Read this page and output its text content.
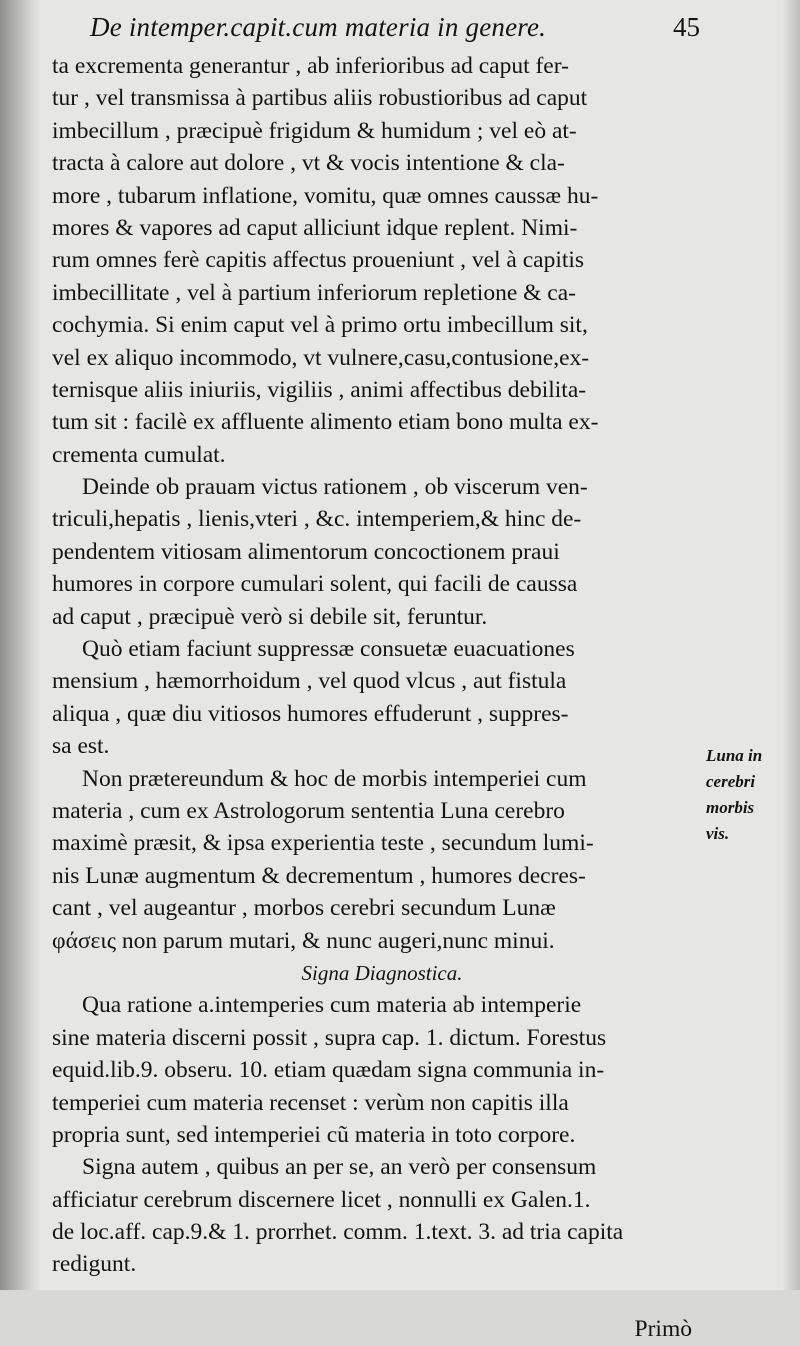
De intemper.capit.cum materia in genere.	45
ta excrementa generantur , ab inferioribus ad caput fer-
tur , vel transmissa à partibus aliis robustioribus ad caput
imbecillum , præcipuè frigidum & humidum ; vel eò at-
tracta à calore aut dolore , vt & vocis intentione & cla-
more , tubarum inflatione, vomitu, quæ omnes caussæ hu-
mores & vapores ad caput alliciunt idque replent. Nimi-
rum omnes ferè capitis affectus proueniunt , vel à capitis
imbecillitate , vel à partium inferiorum repletione & ca-
cochymia. Si enim caput vel à primo ortu imbecillum sit,
vel ex aliquo incommodo, vt vulnere,casu,contusione,ex-
ternisque aliis iniuriis, vigiliis , animi affectibus debilita-
tum sit : facilè ex affluente alimento etiam bono multa ex-
crementa cumulat.
Deinde ob prauam victus rationem , ob viscerum ven-
triculi,hepatis , lienis,vteri , &c. intemperiem,& hinc de-
pendentem vitiosam alimentorum concoctionem praui
humores in corpore cumulari solent, qui facili de caussa
ad caput , præcipuè verò si debile sit, feruntur.
Quò etiam faciunt suppressæ consuetæ euacuationes
mensium , hæmorrhoidum , vel quod vlcus , aut fistula
aliqua , quæ diu vitiosos humores effuderunt , suppres-
sa est.
Non prætereundum & hoc de morbis intemperiei cum
materia , cum ex Astrologorum sententia Luna cerebro
maximè præsit, & ipsa experientia teste , secundum lumi-
nis Lunæ augmentum & decrementum , humores decres-
cant , vel augeantur , morbos cerebri secundum Lunæ
φάσεις non parum mutari, & nunc augeri,nunc minui.
Signa Diagnostica.
Qua ratione a.intemperies cum materia ab intemperie
sine materia discerni possit , supra cap. 1. dictum. Forestus
equid.lib.9. obseru. 10. etiam quædam signa communia in-
temperiei cum materia recenset : verùm non capitis illa
propria sunt, sed intemperiei cũ materia in toto corpore.
Signa autem , quibus an per se, an verò per consensum
afficiatur cerebrum discernere licet , nonnulli ex Galen.1.
de loc.aff. cap.9.& 1. prorrhet. comm. 1.text. 3. ad tria capita
redigunt.
Primò
Luna in
cerebri
morbis
vis.
